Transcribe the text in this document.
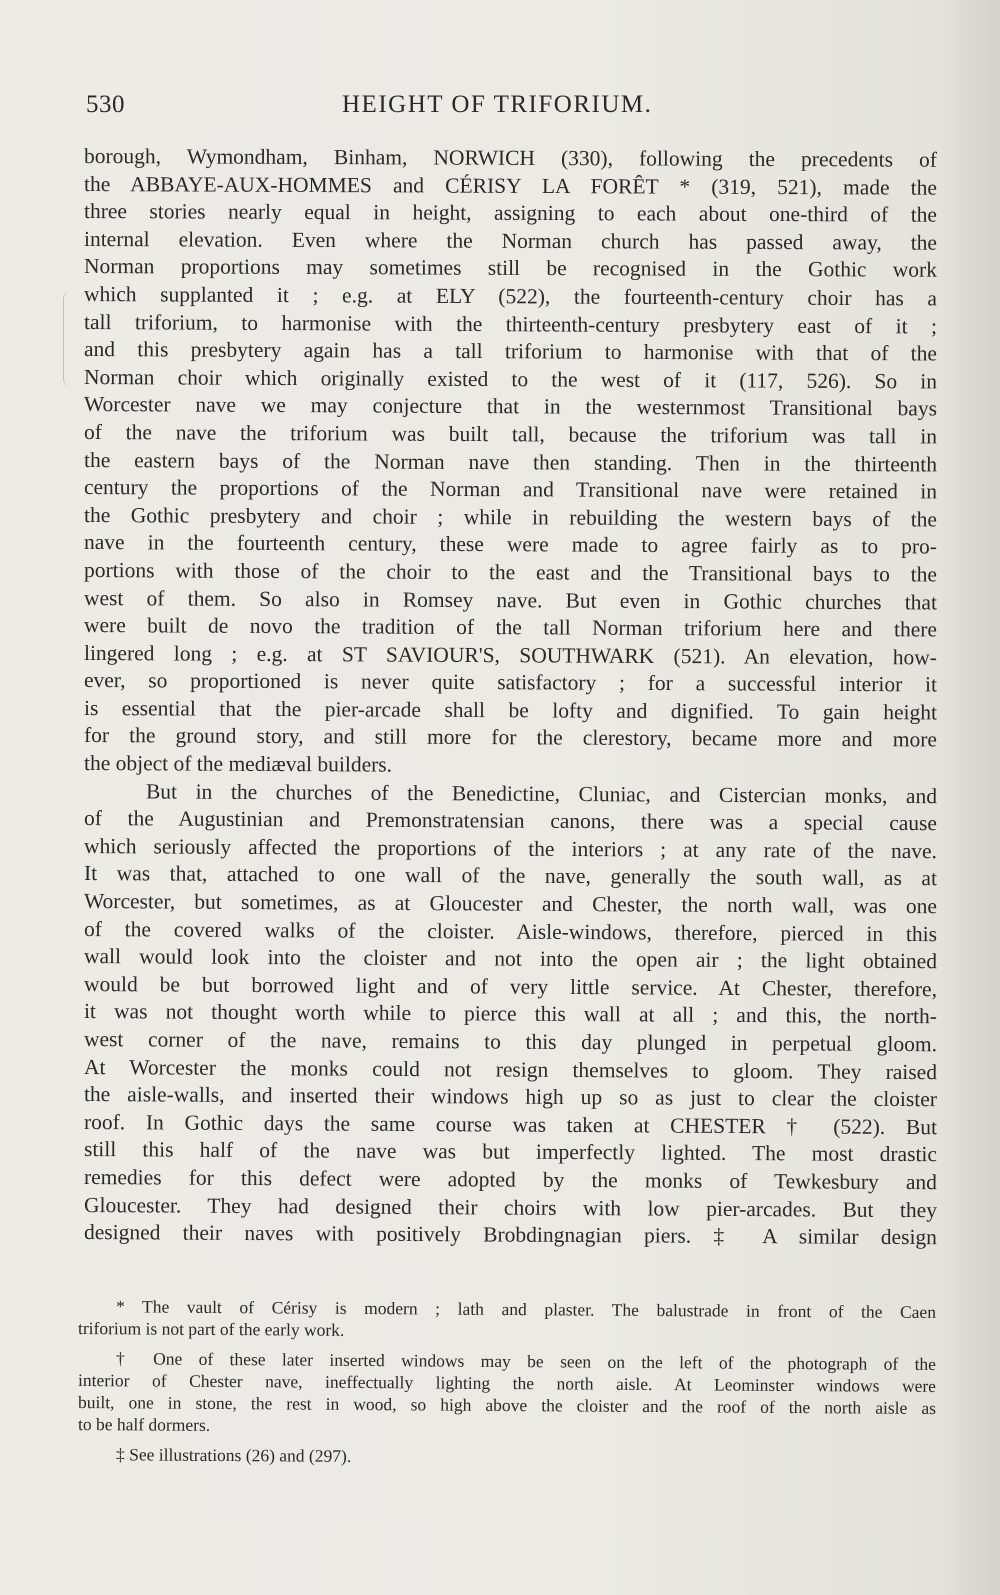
530	HEIGHT OF TRIFORIUM.
borough, Wymondham, Binham, NORWICH (330), following the precedents of
the ABBAYE-AUX-HOMMES and CÉRISY LA FORÊT * (319, 521), made the
three stories nearly equal in height, assigning to each about one-third of the
internal elevation. Even where the Norman church has passed away, the
Norman proportions may sometimes still be recognised in the Gothic work
which supplanted it ; e.g. at ELY (522), the fourteenth-century choir has a
tall triforium, to harmonise with the thirteenth-century presbytery east of it ;
and this presbytery again has a tall triforium to harmonise with that of the
Norman choir which originally existed to the west of it (117, 526). So in
Worcester nave we may conjecture that in the westernmost Transitional bays
of the nave the triforium was built tall, because the triforium was tall in
the eastern bays of the Norman nave then standing. Then in the thirteenth
century the proportions of the Norman and Transitional nave were retained in
the Gothic presbytery and choir ; while in rebuilding the western bays of the
nave in the fourteenth century, these were made to agree fairly as to pro-
portions with those of the choir to the east and the Transitional bays to the
west of them. So also in Romsey nave. But even in Gothic churches that
were built de novo the tradition of the tall Norman triforium here and there
lingered long ; e.g. at ST SAVIOUR'S, SOUTHWARK (521). An elevation, how-
ever, so proportioned is never quite satisfactory ; for a successful interior it
is essential that the pier-arcade shall be lofty and dignified. To gain height
for the ground story, and still more for the clerestory, became more and more
the object of the mediæval builders.
But in the churches of the Benedictine, Cluniac, and Cistercian monks, and
of the Augustinian and Premonstratensian canons, there was a special cause
which seriously affected the proportions of the interiors ; at any rate of the nave.
It was that, attached to one wall of the nave, generally the south wall, as at
Worcester, but sometimes, as at Gloucester and Chester, the north wall, was one
of the covered walks of the cloister. Aisle-windows, therefore, pierced in this
wall would look into the cloister and not into the open air ; the light obtained
would be but borrowed light and of very little service. At Chester, therefore,
it was not thought worth while to pierce this wall at all ; and this, the north-
west corner of the nave, remains to this day plunged in perpetual gloom.
At Worcester the monks could not resign themselves to gloom. They raised
the aisle-walls, and inserted their windows high up so as just to clear the cloister
roof. In Gothic days the same course was taken at CHESTER † (522). But
still this half of the nave was but imperfectly lighted. The most drastic
remedies for this defect were adopted by the monks of Tewkesbury and
Gloucester. They had designed their choirs with low pier-arcades. But they
designed their naves with positively Brobdingnagian piers. ‡ A similar design
* The vault of Cérisy is modern ; lath and plaster. The balustrade in front of the Caen
triforium is not part of the early work.
† One of these later inserted windows may be seen on the left of the photograph of the
interior of Chester nave, ineffectually lighting the north aisle. At Leominster windows were
built, one in stone, the rest in wood, so high above the cloister and the roof of the north aisle as
to be half dormers.
‡ See illustrations (26) and (297).
